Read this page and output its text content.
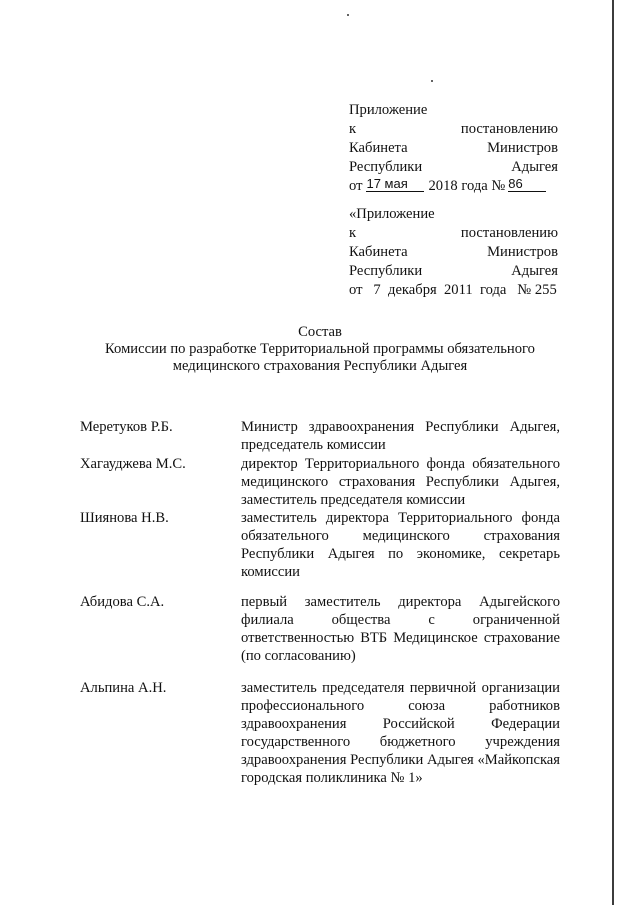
Приложение
к	постановлению
Кабинета	Министров
Республики	Адыгея
от 17 мая	2018 года № 86
«Приложение
к	постановлению
Кабинета	Министров
Республики	Адыгея
от   7  декабря  2011  года   № 255
Состав
Комиссии по разработке Территориальной программы обязательного
медицинского страхования Республики Адыгея
Меретуков Р.Б.	Министр здравоохранения Республики Адыгея, председатель комиссии
Хагауджева М.С.	директор Территориального фонда обязательного медицинского страхования Республики Адыгея, заместитель председателя комиссии
Шиянова Н.В.	заместитель директора Территориального фонда обязательного медицинского страхования Республики Адыгея по экономике, секретарь комиссии
Абидова С.А.	первый заместитель директора Адыгейского филиала общества с ограниченной ответственностью ВТБ Медицинское страхование (по согласованию)
Альпина А.Н.	заместитель председателя первичной организации профессионального союза работников здравоохранения Российской Федерации государственного бюджетного учреждения здравоохранения Республики Адыгея «Майкопская городская поликлиника № 1»
